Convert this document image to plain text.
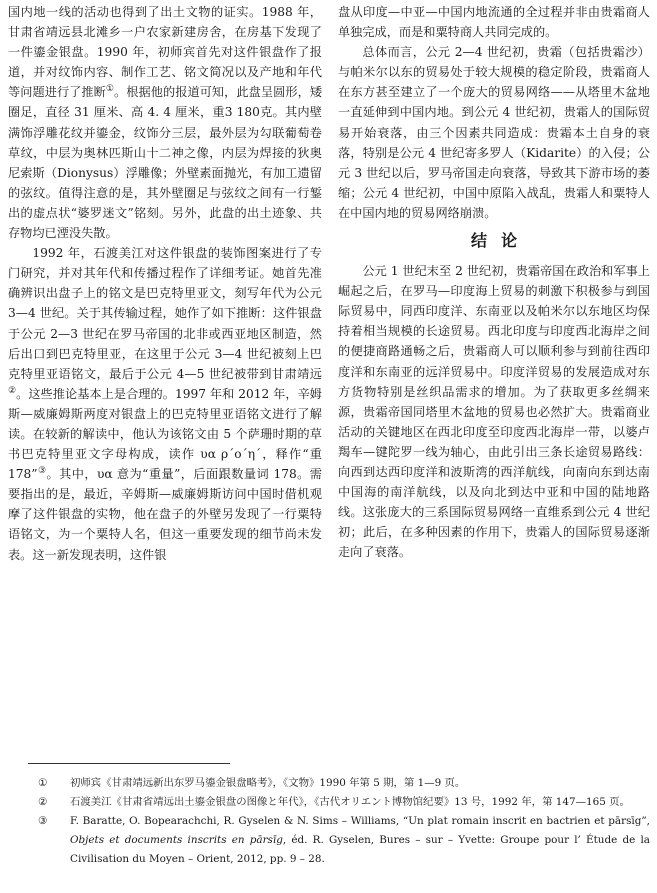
国内地一线的活动也得到了出土文物的证实。1988 年，甘肃省靖远县北滩乡一户农家新建房舍，在房基下发现了一件鎏金银盘。1990 年，初师宾首先对这件银盘作了报道，并对纹饰内容、制作工艺、铭文简况以及产地和年代等问题进行了推断①。根据他的报道可知，此盘呈圆形，矮圈足，直径 31 厘米、高 4. 4 厘米，重3 180克。其内壁满饰浮雕花纹并鎏金，纹饰分三层，最外层为勾联葡萄卷草纹，中层为奥林匹斯山十二神之像，内层为焊接的狄奥尼索斯（Dionysus）浮雕像；外壁素面抛光，有加工遗留的弦纹。值得注意的是，其外壁圈足与弦纹之间有一行錾出的虚点状“婆罗迷文”铭刻。另外，此盘的出土迹象、共存物均已湮没失散。

1992 年，石渡美江对这件银盘的装饰图案进行了专门研究，并对其年代和传播过程作了详细考证。她首先准确辨识出盘子上的铭文是巴克特里亚文，刻写年代为公元 3—4 世纪。关于其传输过程，她作了如下推断：这件银盘于公元 2—3 世纪在罗马帝国的北非或西亚地区制造，然后出口到巴克特里亚，在这里于公元 3—4 世纪被刻上巴克特里亚语铭文，最后于公元 4—5 世纪被带到甘肃靖远②。这些推论基本上是合理的。1997 年和 2012 年，辛姆斯—威廉姆斯两度对银盘上的巴克特里亚语铭文进行了解读。在较新的解读中，他认为该铭文由 5 个萨珊时期的草书巴克特里亚文字母构成，读作 υα ρ´ο´η´，释作“重 178”③。其中，υα 意为“重量”，后面跟数量词 178。需要指出的是，最近，辛姆斯—威廉姆斯访问中国时借机观摩了这件银盘的实物，他在盘子的外壁另发现了一行粟特语铭文，为一个粟特人名，但这一重要发现的细节尚未发表。这一新发现表明，这件银

盘从印度—中亚—中国内地流通的全过程并非由贵霜商人单独完成，而是和粟特商人共同完成的。

总体而言，公元 2—4 世纪初，贵霜（包括贵霜沙）与帕米尔以东的贸易处于较大规模的稳定阶段，贵霜商人在东方甚至建立了一个庞大的贸易网络——从塔里木盆地一直延伸到中国内地。到公元 4 世纪初，贵霜人的国际贸易开始衰落，由三个因素共同造成：贵霜本土自身的衰落，特别是公元 4 世纪寄多罗人（Kidarite）的入侵；公元 3 世纪以后，罗马帝国走向衰落，导致其下游市场的萎缩；公元 4 世纪初，中国中原陷入战乱，贵霜人和粟特人在中国内地的贸易网络崩溃。

结论

公元 1 世纪末至 2 世纪初，贵霜帝国在政治和军事上崛起之后，在罗马—印度海上贸易的刺激下积极参与到国际贸易中，同西印度洋、东南亚以及帕米尔以东地区均保持着相当规模的长途贸易。西北印度与印度西北海岸之间的便捷商路通畅之后，贵霜商人可以顺利参与到前往西印度洋和东南亚的远洋贸易中。印度洋贸易的发展造成对东方货物特别是丝织品需求的增加。为了获取更多丝绸来源，贵霜帝国同塔里木盆地的贸易也必然扩大。贵霜商业活动的关键地区在西北印度至印度西北海岸一带，以婆卢羯车—键陀罗一线为轴心，由此引出三条长途贸易路线：向西到达西印度洋和波斯湾的西洋航线，向南向东到达南中国海的南洋航线，以及向北到达中亚和中国的陆地路线。这张庞大的三系国际贸易网络一直维系到公元 4 世纪初；此后，在多种因素的作用下，贵霜人的国际贸易逐渐走向了衰落。

① 初师宾《甘肃靖远新出东罗马鎏金银盘略考》，《文物》1990 年第 5 期，第 1—9 页。
② 石渡美江《甘肃省靖远出土鎏金银盘の图像と年代》，《古代オリエント博物馆纪要》13 号，1992 年，第 147—165 页。
③ F. Baratte, O. Bopearachchi, R. Gyselen & N. Sims – Williams, “Un plat romain inscrit en bactrien et pārsīg”, Objets et documents inscrits en pārsīg, éd. R. Gyselen, Bures – sur – Yvette: Groupe pour l’ Étude de la Civilisation du Moyen – Orient, 2012, pp. 9 – 28.
